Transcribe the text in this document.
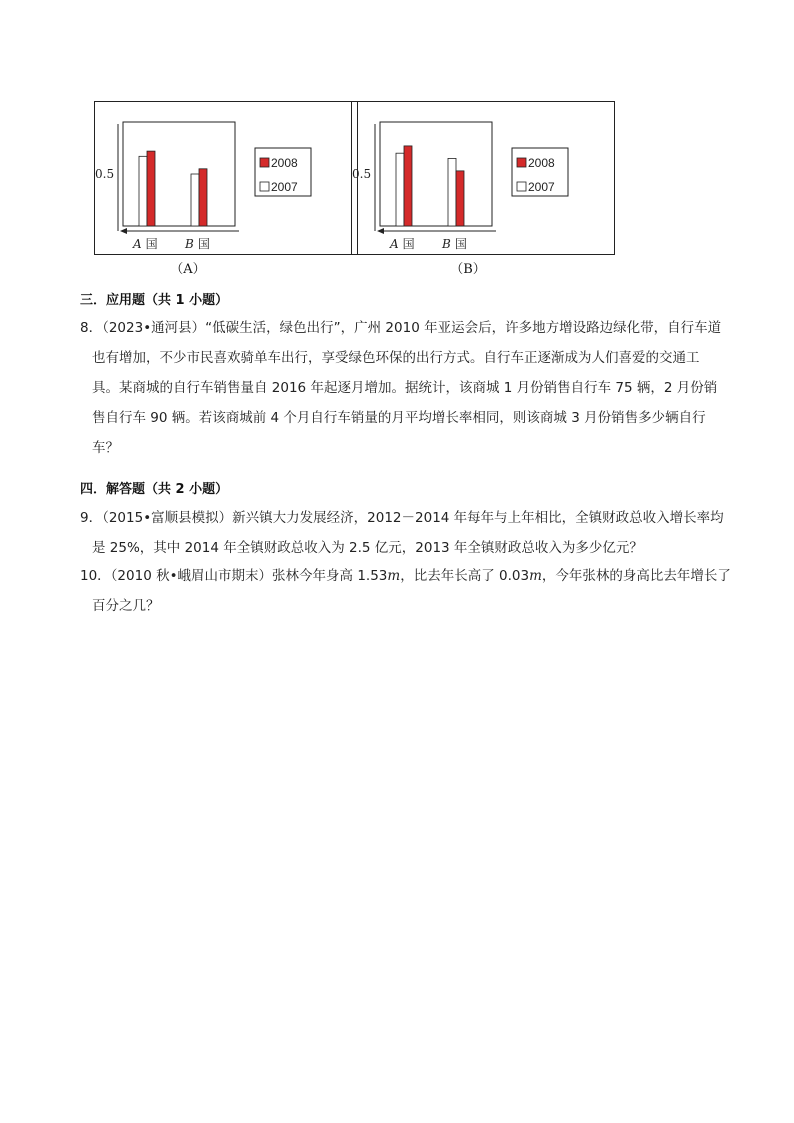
0.5
A 国 B 国
2008
2007
（A）
0.5
A 国 B 国
2008
2007
（B）
三．应用题（共 1 小题）
8．（2023•通河县）“低碳生活，绿色出行”，广州 2010 年亚运会后，许多地方增设路边绿化带，自行车道
也有增加，不少市民喜欢骑单车出行，享受绿色环保的出行方式。自行车正逐渐成为人们喜爱的交通工
具。某商城的自行车销售量自 2016 年起逐月增加。据统计，该商城 1 月份销售自行车 75 辆，2 月份销
售自行车 90 辆。若该商城前 4 个月自行车销量的月平均增长率相同，则该商城 3 月份销售多少辆自行
车？
四．解答题（共 2 小题）
9．（2015•富顺县模拟）新兴镇大力发展经济，2012－2014 年每年与上年相比，全镇财政总收入增长率均
是 25%，其中 2014 年全镇财政总收入为 2.5 亿元，2013 年全镇财政总收入为多少亿元？
10．（2010 秋•峨眉山市期末）张林今年身高 1.53m，比去年长高了 0.03m，今年张林的身高比去年增长了
百分之几？
